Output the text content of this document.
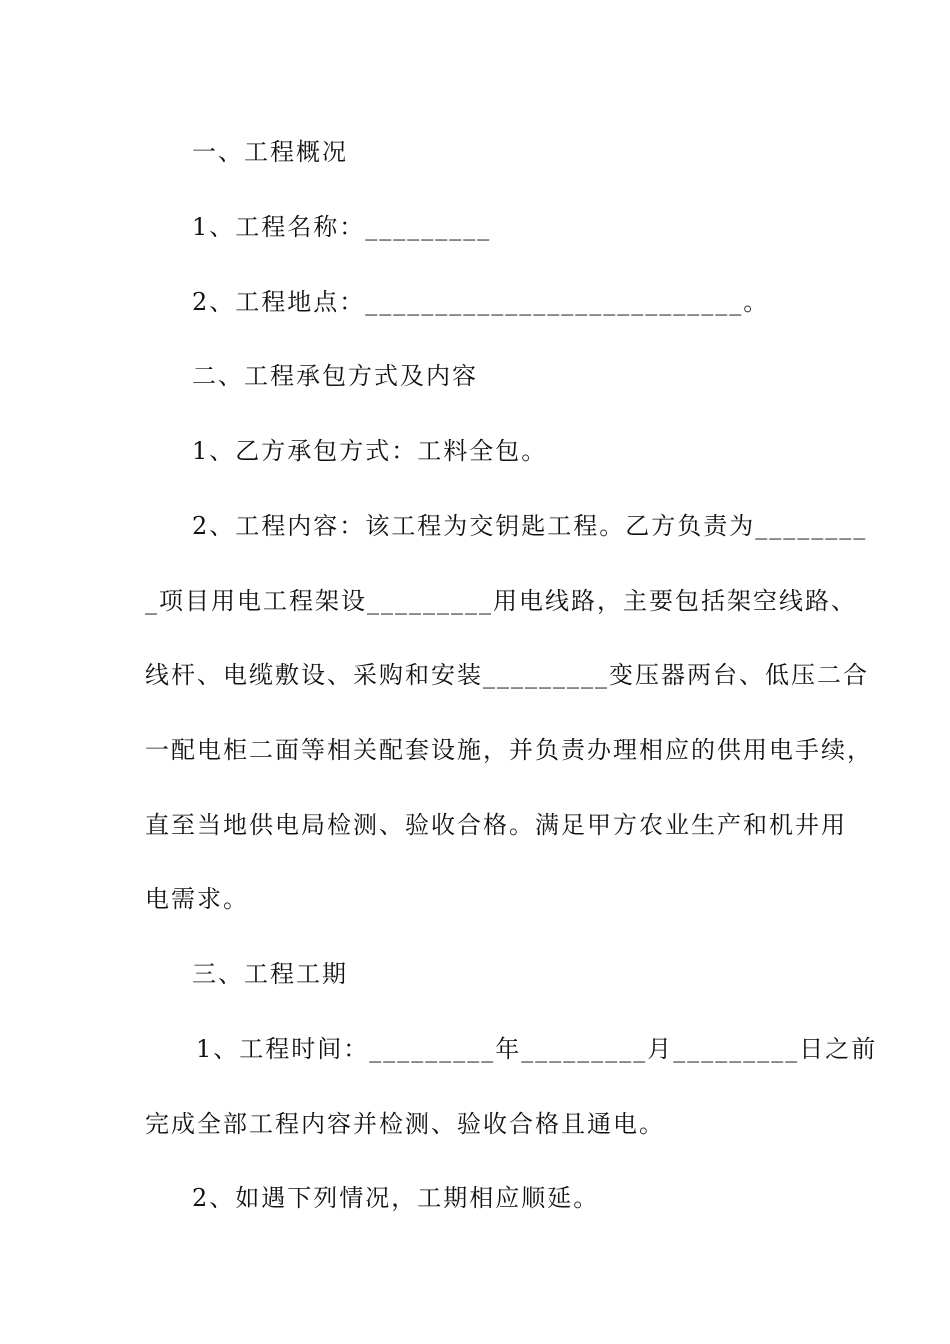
一、工程概况
1、工程名称：_________
2、工程地点：___________________________。
二、工程承包方式及内容
1、乙方承包方式：工料全包。
2、工程内容：该工程为交钥匙工程。乙方负责为________
_项目用电工程架设_________用电线路，主要包括架空线路、
线杆、电缆敷设、采购和安装_________变压器两台、低压二合
一配电柜二面等相关配套设施，并负责办理相应的供用电手续，
直至当地供电局检测、验收合格。满足甲方农业生产和机井用
电需求。
三、工程工期
1、工程时间：_________年_________月_________日之前
完成全部工程内容并检测、验收合格且通电。
2、如遇下列情况，工期相应顺延。
